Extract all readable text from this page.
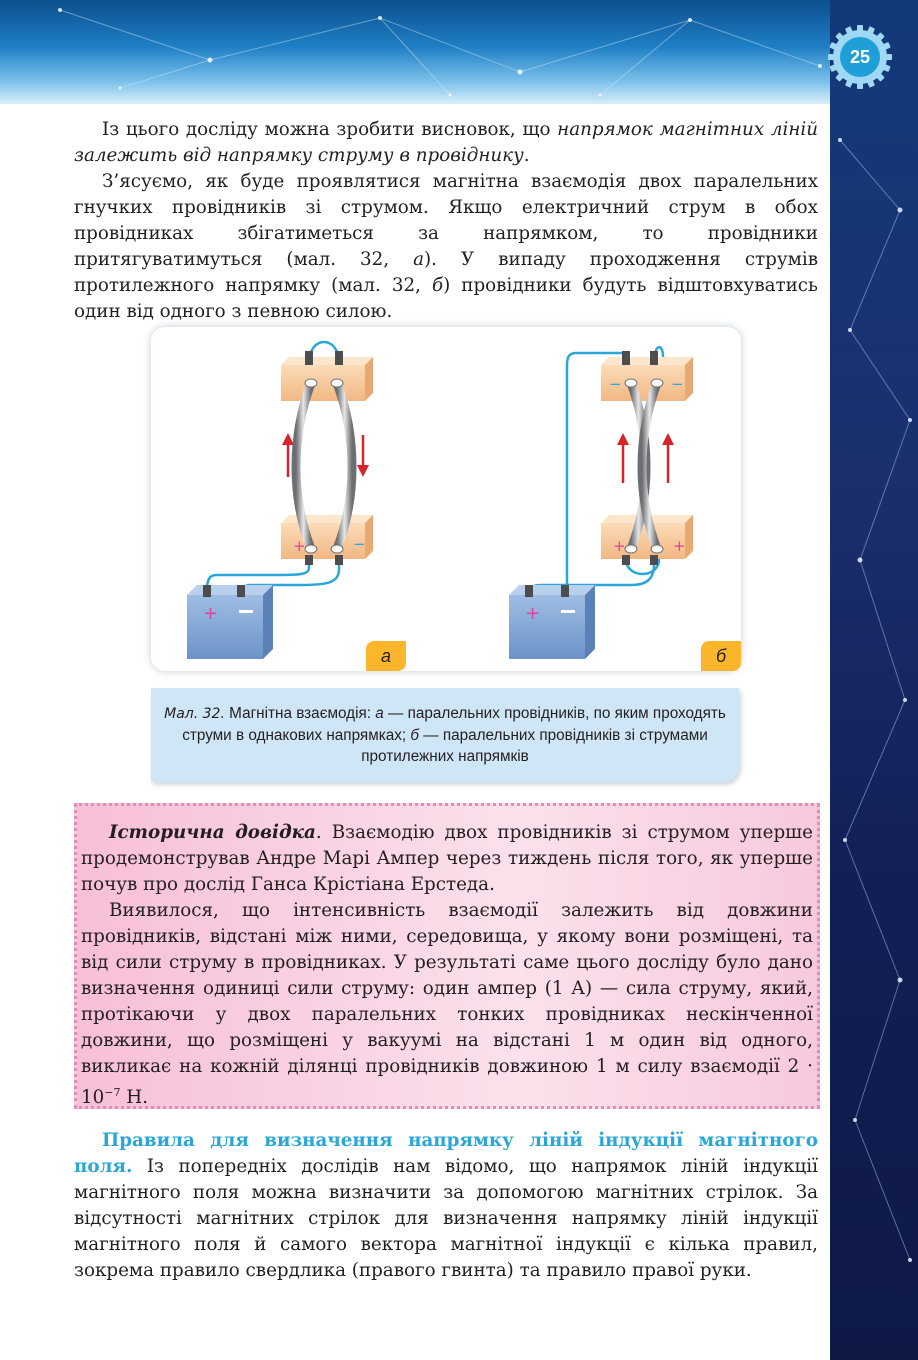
25

Із цього досліду можна зробити висновок, що напрямок магнітних ліній залежить від напрямку струму в провіднику.

З’ясуємо, як буде проявлятися магнітна взаємодія двох паралельних гнучких провідників зі струмом. Якщо електричний струм в обох провідниках збігатиметься за напрямком, то провідники притягуватимуться (мал. 32, а). У випаду проходження струмів протилежного напрямку (мал. 32, б) провідники будуть відштовхуватись один від одного з певною силою.

+	−
+
−	−
+	+
+
а	б
Мал. 32. Магнітна взаємодія: а — паралельних провідників, по яким проходять струми в однакових напрямках; б — паралельних провідників зі струмами протилежних напрямків

Історична довідка. Взаємодію двох провідників зі струмом уперше продемонстрував Андре Марі Ампер через тиждень після того, як уперше почув про дослід Ганса Крістіана Ерстеда.

Виявилося, що інтенсивність взаємодії залежить від довжини провідників, відстані між ними, середовища, у якому вони розміщені, та від сили струму в провідниках. У результаті саме цього досліду було дано визначення одиниці сили струму: один ампер (1 А) — сила струму, який, протікаючи у двох паралельних тонких провідниках нескінченної довжини, що розміщені у вакуумі на відстані 1 м один від одного, викликає на кожній ділянці провідників довжиною 1 м силу взаємодії $2 \cdot 10^{-7}$ Н.

Правила для визначення напрямку ліній індукції магнітного поля. Із попередніх дослідів нам відомо, що напрямок ліній індукції магнітного поля можна визначити за допомогою магнітних стрілок. За відсутності магнітних стрілок для визначення напрямку ліній індукції магнітного поля й самого вектора магнітної індукції є кілька правил, зокрема правило свердлика (правого гвинта) та правило правої руки.
